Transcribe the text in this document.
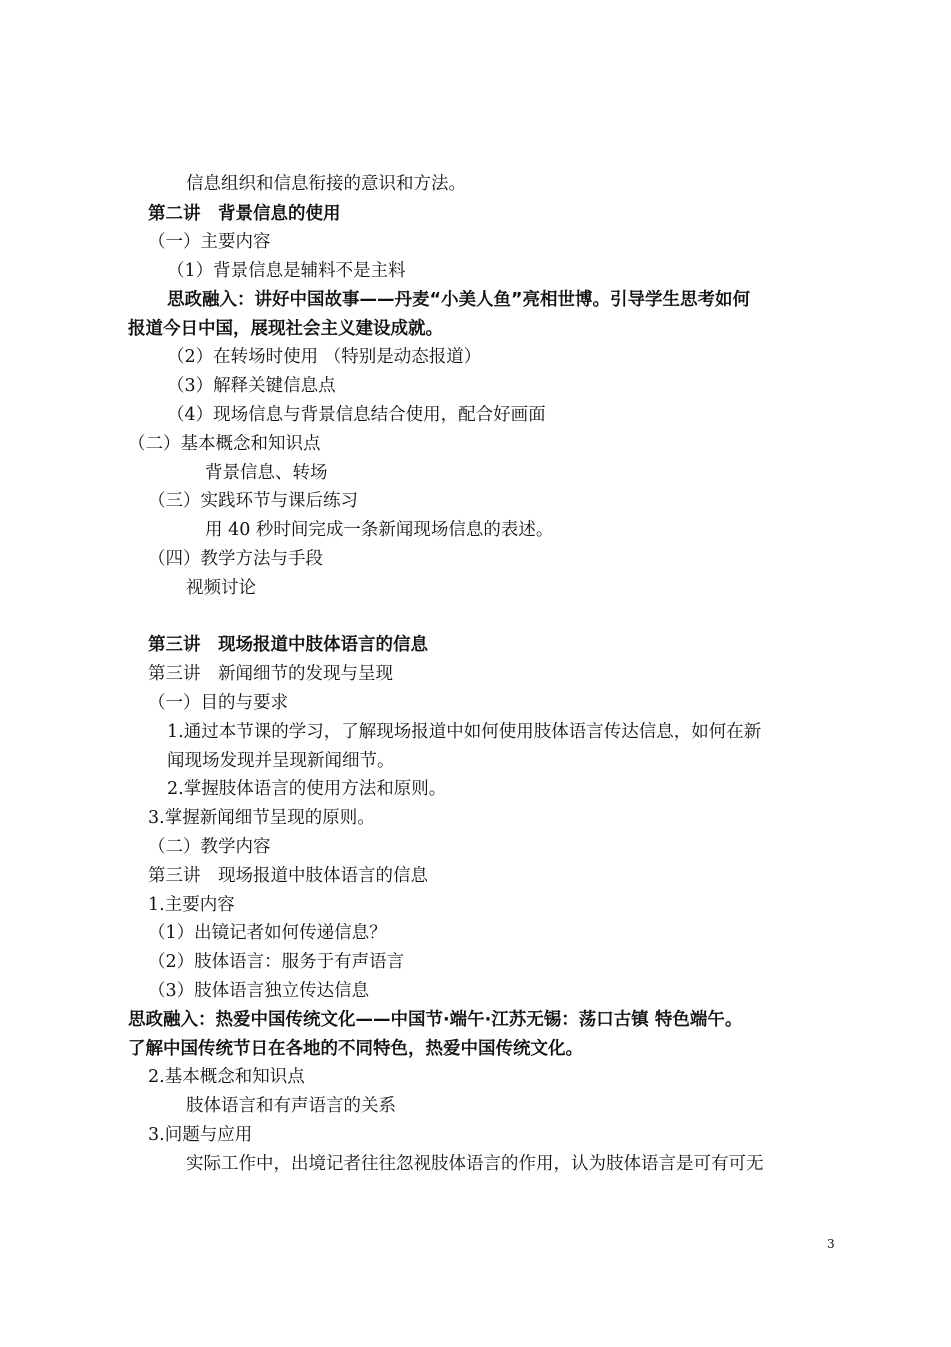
信息组织和信息衔接的意识和方法。
第二讲　背景信息的使用
（一）主要内容
（1）背景信息是辅料不是主料
思政融入：讲好中国故事——丹麦“小美人鱼”亮相世博。引导学生思考如何
报道今日中国，展现社会主义建设成就。
（2）在转场时使用 （特别是动态报道）
（3）解释关键信息点
（4）现场信息与背景信息结合使用，配合好画面
（二）基本概念和知识点
背景信息、转场
（三）实践环节与课后练习
用 40 秒时间完成一条新闻现场信息的表述。
（四）教学方法与手段
视频讨论
第三讲　现场报道中肢体语言的信息
第三讲　新闻细节的发现与呈现
（一）目的与要求
1.通过本节课的学习，了解现场报道中如何使用肢体语言传达信息，如何在新
闻现场发现并呈现新闻细节。
2.掌握肢体语言的使用方法和原则。
3.掌握新闻细节呈现的原则。
（二）教学内容
第三讲　现场报道中肢体语言的信息
1.主要内容
（1）出镜记者如何传递信息？
（2）肢体语言：服务于有声语言
（3）肢体语言独立传达信息
思政融入：热爱中国传统文化——中国节·端午·江苏无锡：荡口古镇 特色端午。
了解中国传统节日在各地的不同特色，热爱中国传统文化。
2.基本概念和知识点
肢体语言和有声语言的关系
3.问题与应用
实际工作中，出境记者往往忽视肢体语言的作用，认为肢体语言是可有可无
3
